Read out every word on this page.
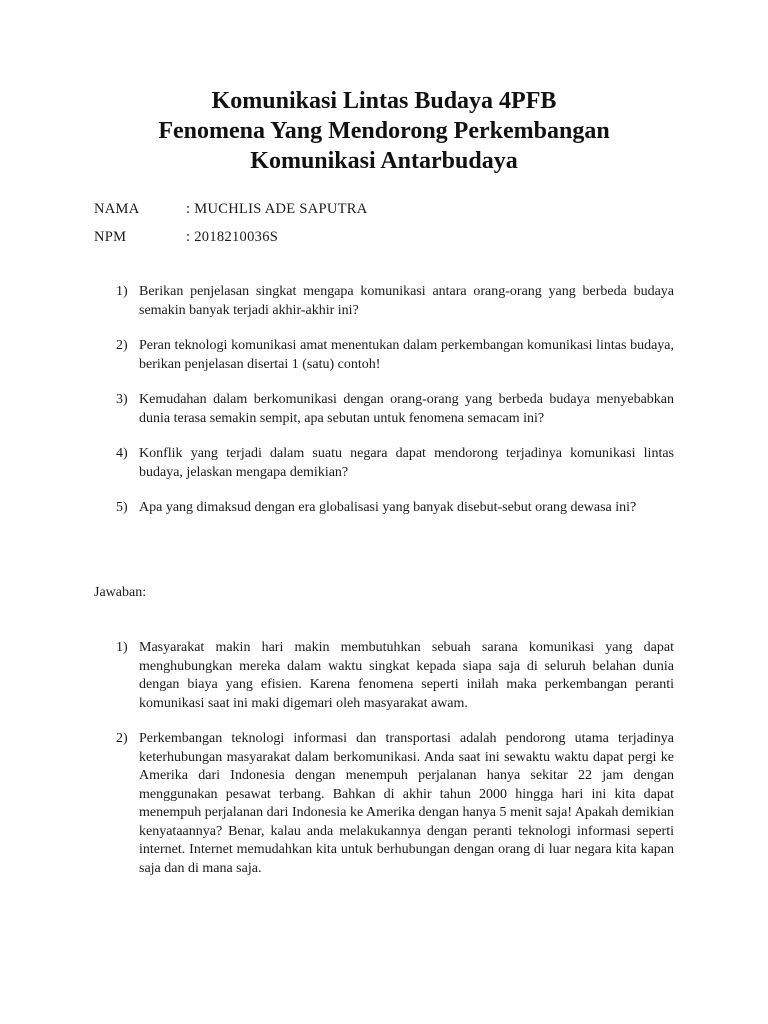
Komunikasi Lintas Budaya 4PFB
Fenomena Yang Mendorong Perkembangan
Komunikasi Antarbudaya
NAMA	: MUCHLIS ADE SAPUTRA
NPM	: 2018210036S
1) Berikan penjelasan singkat mengapa komunikasi antara orang-orang yang berbeda budaya semakin banyak terjadi akhir-akhir ini?
2) Peran teknologi komunikasi amat menentukan dalam perkembangan komunikasi lintas budaya, berikan penjelasan disertai 1 (satu) contoh!
3) Kemudahan dalam berkomunikasi dengan orang-orang yang berbeda budaya menyebabkan dunia terasa semakin sempit, apa sebutan untuk fenomena semacam ini?
4) Konflik yang terjadi dalam suatu negara dapat mendorong terjadinya komunikasi lintas budaya, jelaskan mengapa demikian?
5) Apa yang dimaksud dengan era globalisasi yang banyak disebut-sebut orang dewasa ini?
Jawaban:
1) Masyarakat makin hari makin membutuhkan sebuah sarana komunikasi yang dapat menghubungkan mereka dalam waktu singkat kepada siapa saja di seluruh belahan dunia dengan biaya yang efisien. Karena fenomena seperti inilah maka perkembangan peranti komunikasi saat ini maki digemari oleh masyarakat awam.
2) Perkembangan teknologi informasi dan transportasi adalah pendorong utama terjadinya keterhubungan masyarakat dalam berkomunikasi. Anda saat ini sewaktu waktu dapat pergi ke Amerika dari Indonesia dengan menempuh perjalanan hanya sekitar 22 jam dengan menggunakan pesawat terbang. Bahkan di akhir tahun 2000 hingga hari ini kita dapat menempuh perjalanan dari Indonesia ke Amerika dengan hanya 5 menit saja! Apakah demikian kenyataannya? Benar, kalau anda melakukannya dengan peranti teknologi informasi seperti internet. Internet memudahkan kita untuk berhubungan dengan orang di luar negara kita kapan saja dan di mana saja.
